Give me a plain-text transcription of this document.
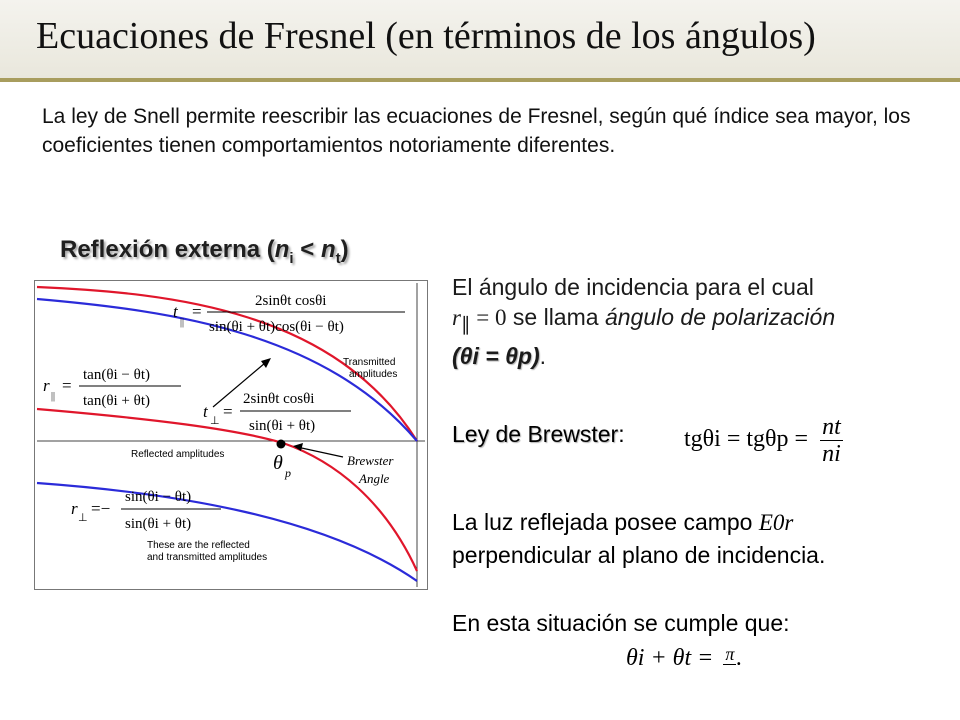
Ecuaciones de Fresnel (en términos de los ángulos)

La ley de Snell permite reescribir las ecuaciones de Fresnel, según qué índice sea mayor, los coeficientes tienen comportamientos notoriamente diferentes.

Reflexión externa $(n_i < n_t)$
t
||
=
2sinθt cosθi
sin(θi + θt)cos(θi − θt)
r
||
=
tan(θi − θt)
tan(θi + θt)
Transmitted
amplitudes
t ⊥ =
2sinθt cosθi
sin(θi + θt)
Reflected amplitudes θ p
Brewster
Angle
r ⊥ =−
sin(θi − θt)
sin(θi + θt)
These are the reflected
and transmitted amplitudes

El ángulo de incidencia para el cual

$r_\parallel = 0$ se llama ángulo de polarización

(θi = θp).

Ley de Brewster: $tg\theta i = tg\theta p = \frac{nt}{ni}$
La luz reflejada posee campo E0r
perpendicular al plano de incidencia.
En esta situación se cumple que:
θi + θt = π .
